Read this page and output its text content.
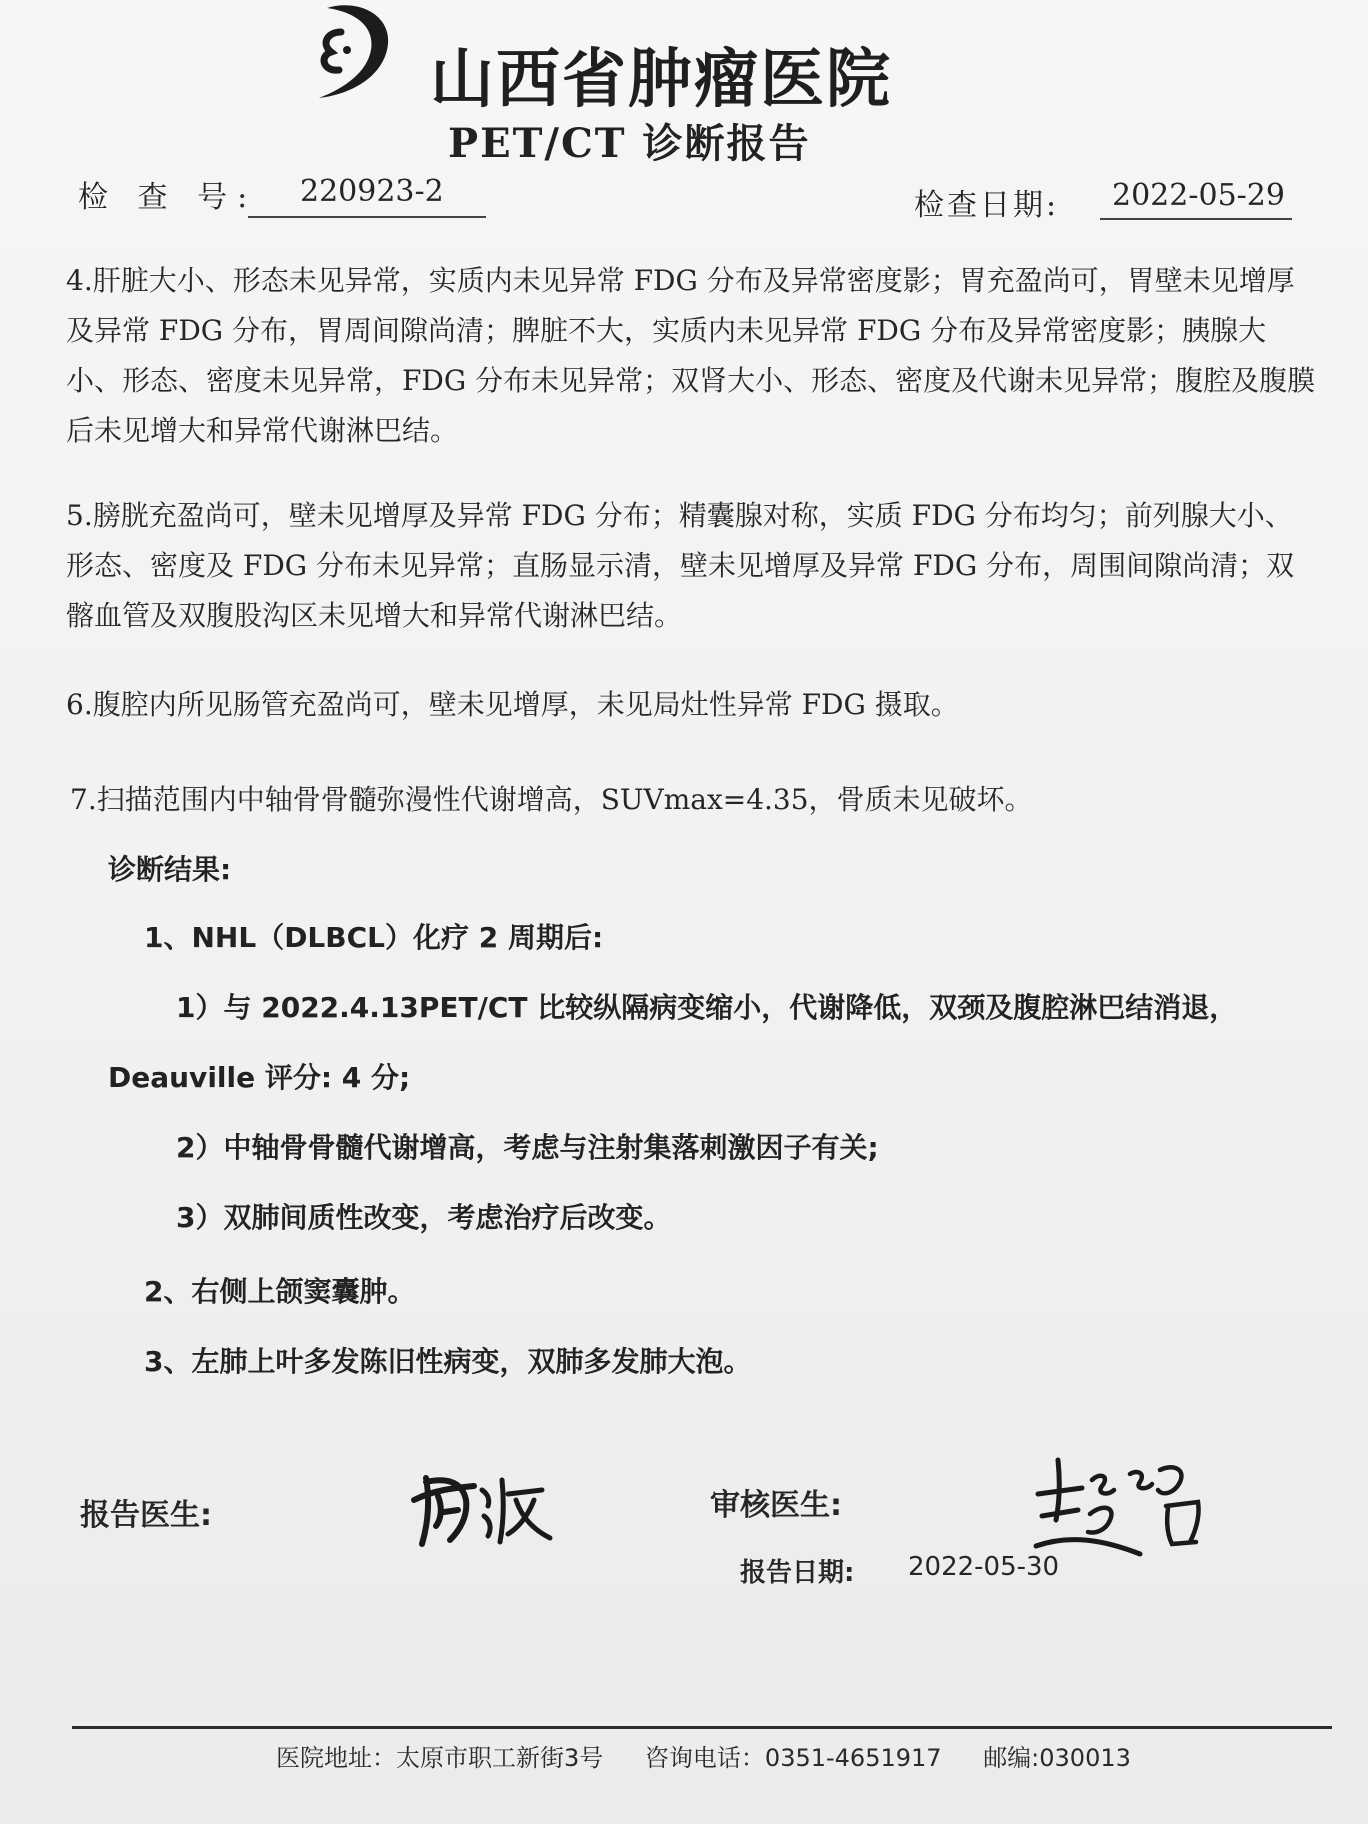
山西省肿瘤医院
PET/CT 诊断报告
检 查 号: 220923-2	检查日期: 2022-05-29
4.肝脏大小、形态未见异常，实质内未见异常 FDG 分布及异常密度影；胃充盈尚可，胃壁未见增厚及异常 FDG 分布，胃周间隙尚清；脾脏不大，实质内未见异常 FDG 分布及异常密度影；胰腺大小、形态、密度未见异常，FDG 分布未见异常；双肾大小、形态、密度及代谢未见异常；腹腔及腹膜后未见增大和异常代谢淋巴结。
5.膀胱充盈尚可，壁未见增厚及异常 FDG 分布；精囊腺对称，实质 FDG 分布均匀；前列腺大小、形态、密度及 FDG 分布未见异常；直肠显示清，壁未见增厚及异常 FDG 分布，周围间隙尚清；双髂血管及双腹股沟区未见增大和异常代谢淋巴结。
6.腹腔内所见肠管充盈尚可，壁未见增厚，未见局灶性异常 FDG 摄取。
7.扫描范围内中轴骨骨髓弥漫性代谢增高，SUVmax=4.35，骨质未见破坏。
诊断结果:
1、NHL（DLBCL）化疗 2 周期后:
1）与 2022.4.13PET/CT 比较纵隔病变缩小，代谢降低，双颈及腹腔淋巴结消退，
Deauville 评分: 4 分;
2）中轴骨骨髓代谢增高，考虑与注射集落刺激因子有关;
3）双肺间质性改变，考虑治疗后改变。
2、右侧上颌窦囊肿。
3、左肺上叶多发陈旧性病变，双肺多发肺大泡。
报告医生:	审核医生:
报告日期: 2022-05-30
医院地址：太原市职工新街3号 咨询电话：0351-4651917 邮编:030013
